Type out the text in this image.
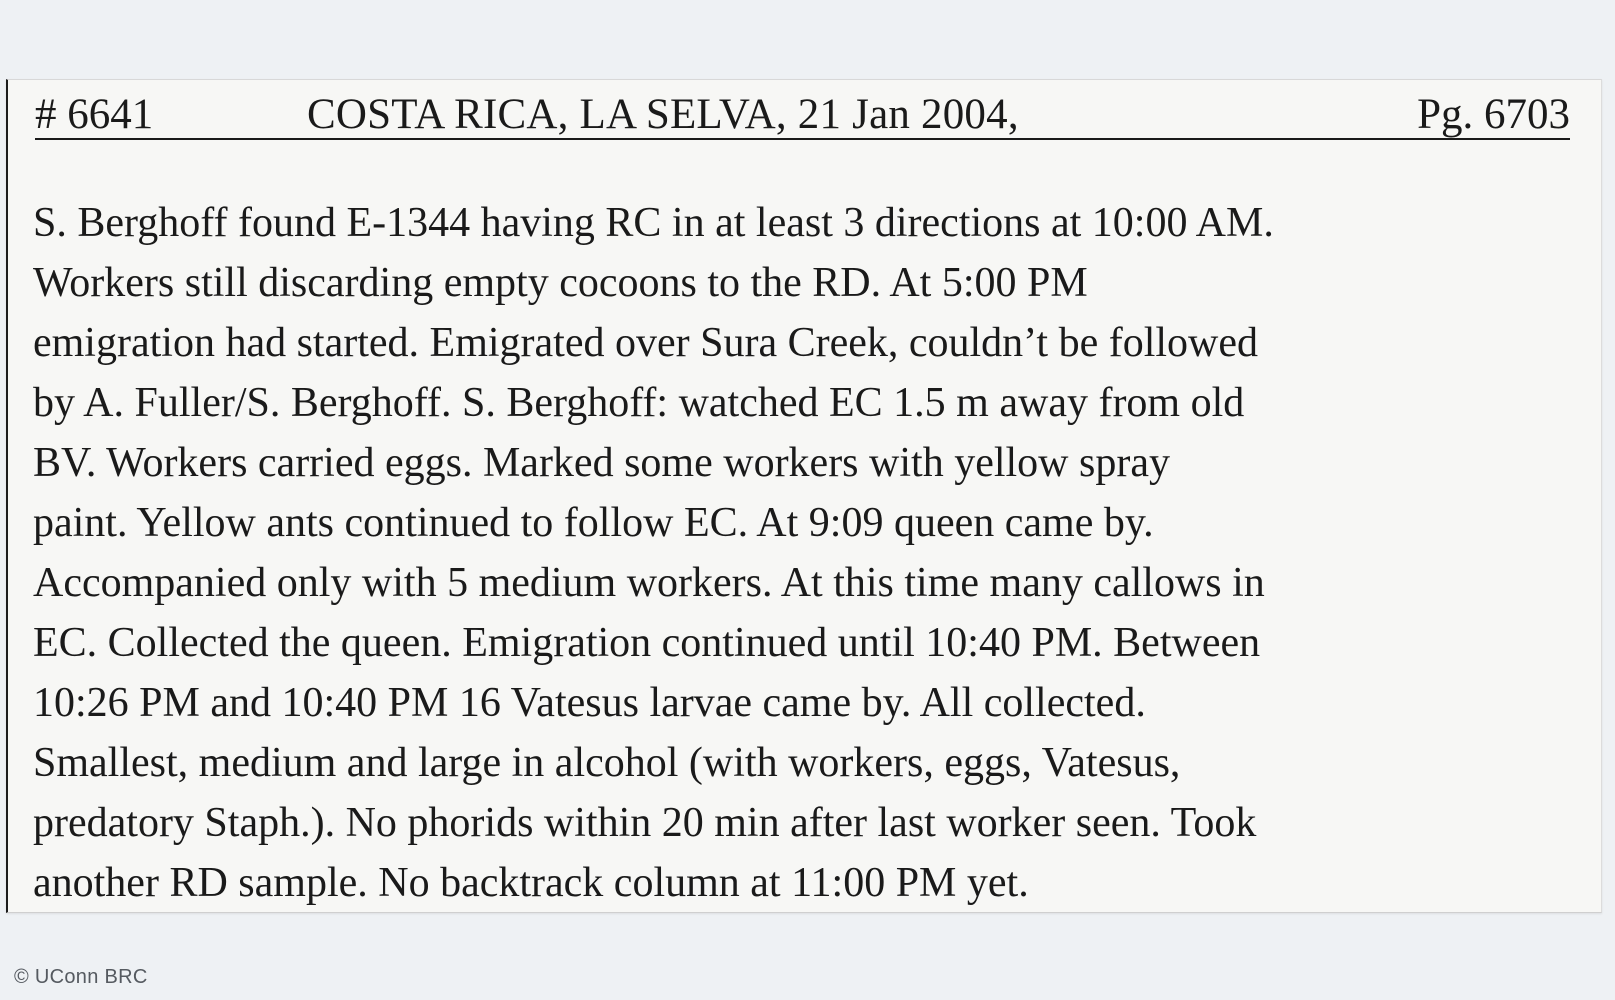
# 6641	COSTA RICA, LA SELVA, 21 Jan 2004,	Pg. 6703
S. Berghoff found E-1344 having RC in at least 3 directions at 10:00 AM.
Workers still discarding empty cocoons to the RD. At 5:00 PM
emigration had started. Emigrated over Sura Creek, couldn’t be followed
by A. Fuller/S. Berghoff. S. Berghoff: watched EC 1.5 m away from old
BV. Workers carried eggs. Marked some workers with yellow spray
paint. Yellow ants continued to follow EC. At 9:09 queen came by.
Accompanied only with 5 medium workers. At this time many callows in
EC. Collected the queen. Emigration continued until 10:40 PM. Between
10:26 PM and 10:40 PM 16 Vatesus larvae came by. All collected.
Smallest, medium and large in alcohol (with workers, eggs, Vatesus,
predatory Staph.). No phorids within 20 min after last worker seen. Took
another RD sample. No backtrack column at 11:00 PM yet.
© UConn BRC
